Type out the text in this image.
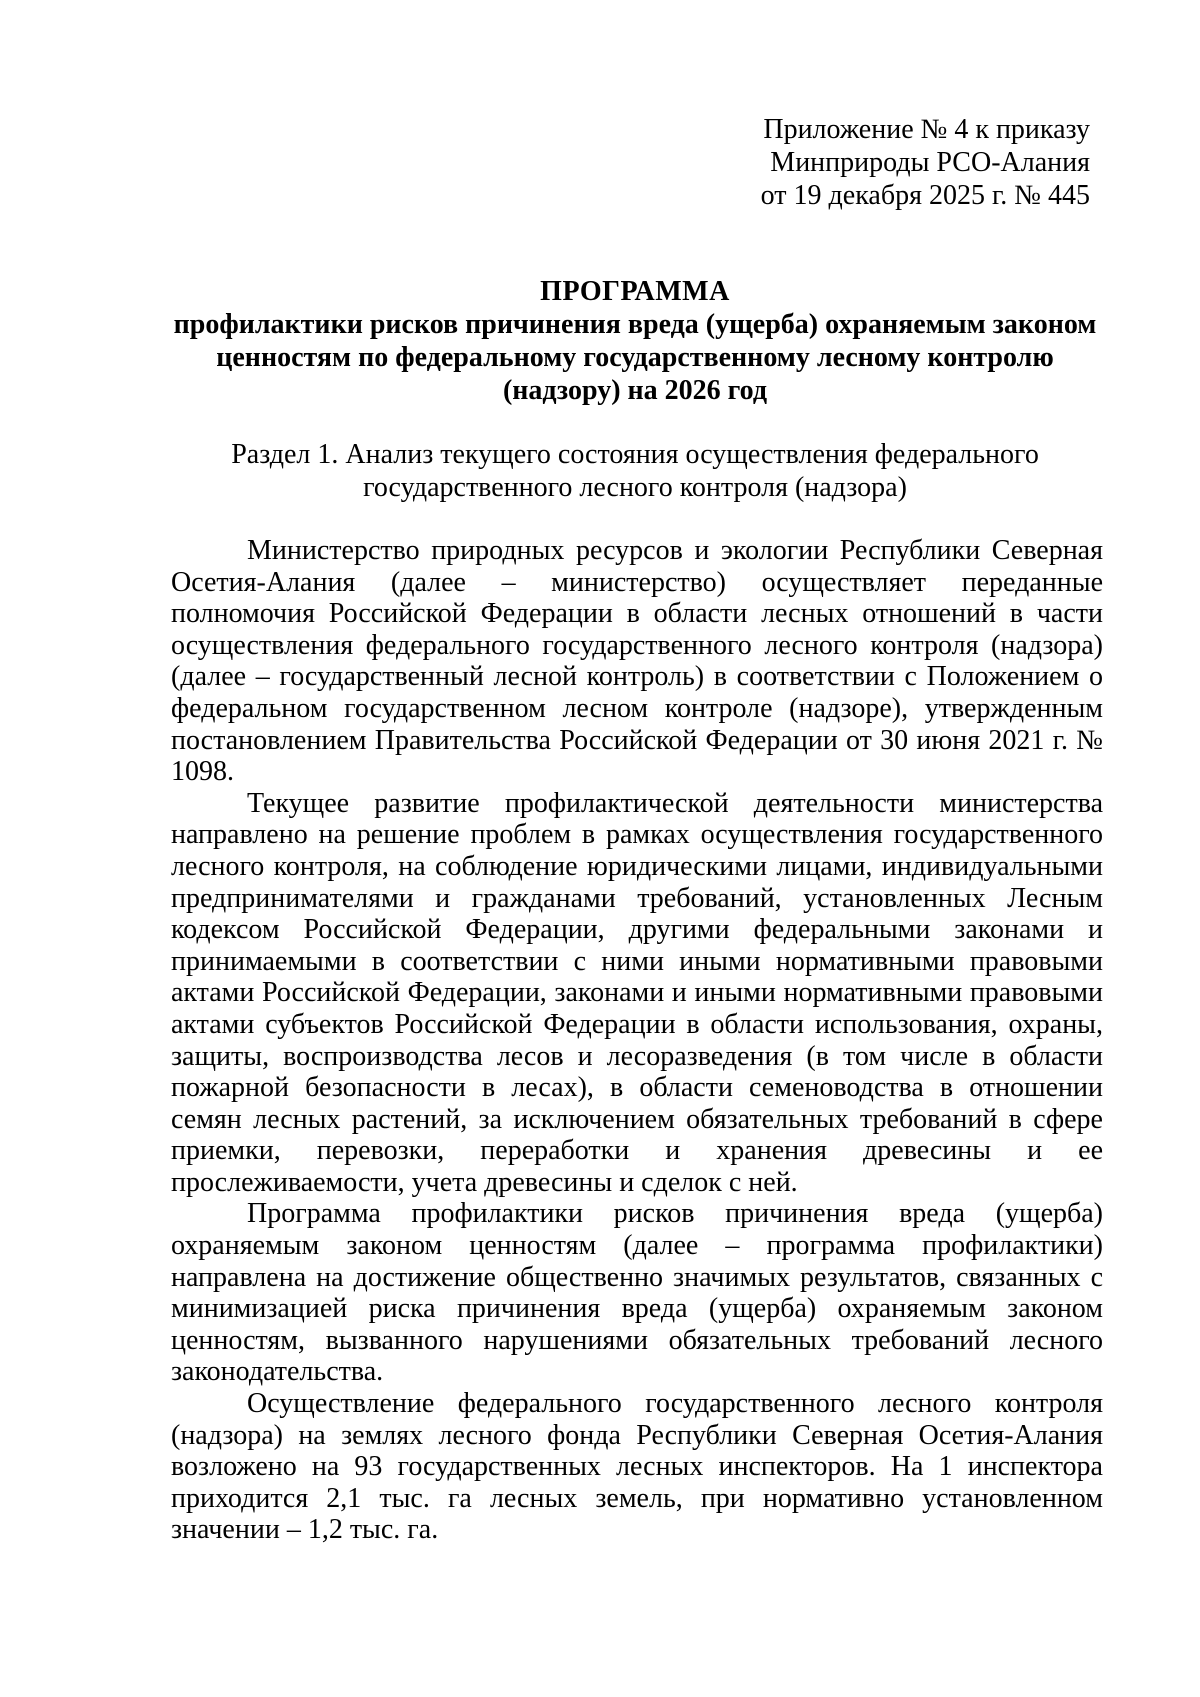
Приложение № 4 к приказу
Минприроды РСО-Алания
от 19 декабря 2025 г. № 445
ПРОГРАММА
профилактики рисков причинения вреда (ущерба) охраняемым законом
ценностям по федеральному государственному лесному контролю
(надзору) на 2026 год
Раздел 1. Анализ текущего состояния осуществления федерального
государственного лесного контроля (надзора)

Министерство природных ресурсов и экологии Республики Северная Осетия-Алания (далее – министерство) осуществляет переданные полномочия Российской Федерации в области лесных отношений в части осуществления федерального государственного лесного контроля (надзора) (далее – государственный лесной контроль) в соответствии с Положением о федеральном государственном лесном контроле (надзоре), утвержденным постановлением Правительства Российской Федерации от 30 июня 2021 г. № 1098.

Текущее развитие профилактической деятельности министерства направлено на решение проблем в рамках осуществления государственного лесного контроля, на соблюдение юридическими лицами, индивидуальными предпринимателями и гражданами требований, установленных Лесным кодексом Российской Федерации, другими федеральными законами и принимаемыми в соответствии с ними иными нормативными правовыми актами Российской Федерации, законами и иными нормативными правовыми актами субъектов Российской Федерации в области использования, охраны, защиты, воспроизводства лесов и лесоразведения (в том числе в области пожарной безопасности в лесах), в области семеноводства в отношении семян лесных растений, за исключением обязательных требований в сфере приемки, перевозки, переработки и хранения древесины и ее прослеживаемости, учета древесины и сделок с ней.

Программа профилактики рисков причинения вреда (ущерба) охраняемым законом ценностям (далее – программа профилактики) направлена на достижение общественно значимых результатов, связанных с минимизацией риска причинения вреда (ущерба) охраняемым законом ценностям, вызванного нарушениями обязательных требований лесного законодательства.

Осуществление федерального государственного лесного контроля (надзора) на землях лесного фонда Республики Северная Осетия-Алания возложено на 93 государственных лесных инспекторов. На 1 инспектора приходится 2,1 тыс. га лесных земель, при нормативно установленном значении – 1,2 тыс. га.
